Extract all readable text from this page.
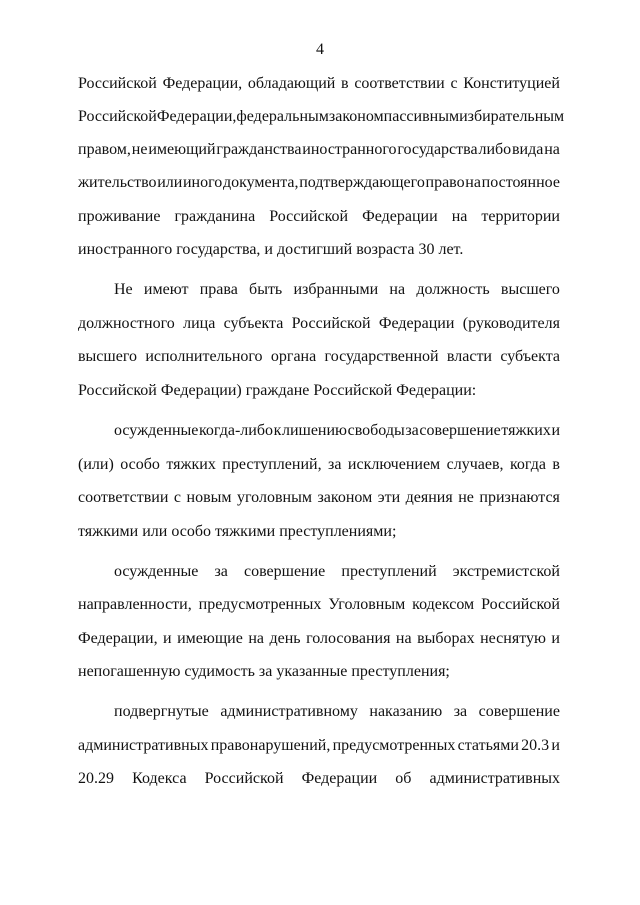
4
Российской Федерации, обладающий в соответствии с Конституцией
Российской Федерации, федеральным законом пассивным избирательным
правом, не имеющий гражданства иностранного государства либо вида на
жительство или иного документа, подтверждающего право на постоянное
проживание гражданина Российской Федерации на территории
иностранного государства, и достигший возраста 30 лет.
Не имеют права быть избранными на должность высшего
должностного лица субъекта Российской Федерации (руководителя
высшего исполнительного органа государственной власти субъекта
Российской Федерации) граждане Российской Федерации:
осужденные когда-либо к лишению свободы за совершение тяжких и
(или) особо тяжких преступлений, за исключением случаев, когда в
соответствии с новым уголовным законом эти деяния не признаются
тяжкими или особо тяжкими преступлениями;
осужденные за совершение преступлений экстремистской
направленности, предусмотренных Уголовным кодексом Российской
Федерации, и имеющие на день голосования на выборах неснятую и
непогашенную судимость за указанные преступления;
подвергнутые административному наказанию за совершение
административных правонарушений, предусмотренных статьями 20.3 и
20.29 Кодекса Российской Федерации об административных
